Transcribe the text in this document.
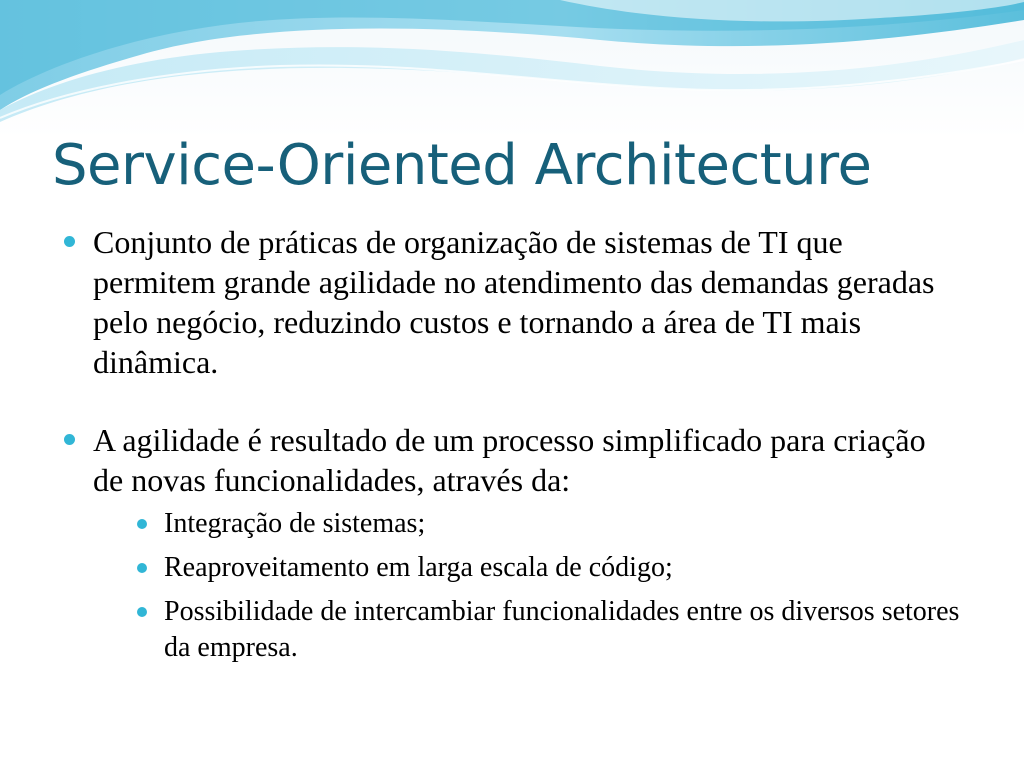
Service-Oriented Architecture
Conjunto de práticas de organização de sistemas de TI que permitem grande agilidade no atendimento das demandas geradas pelo negócio, reduzindo custos e tornando a área de TI mais dinâmica.
A agilidade é resultado de um processo simplificado para criação de novas funcionalidades, através da:
Integração de sistemas;
Reaproveitamento em larga escala de código;
Possibilidade de intercambiar funcionalidades entre os diversos setores da empresa.
